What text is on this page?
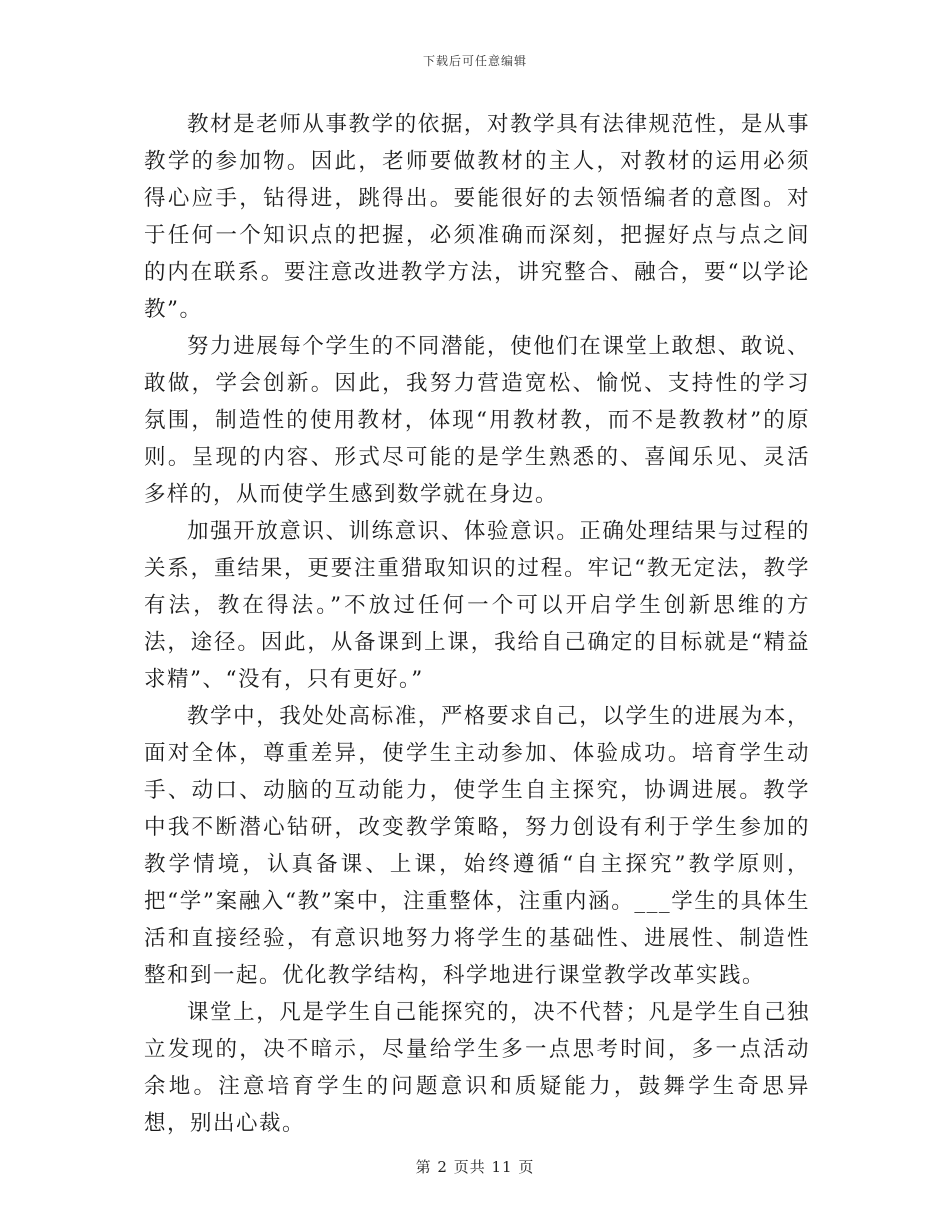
下载后可任意编辑

教材是老师从事教学的依据，对教学具有法律规范性，是从事教学的参加物。因此，老师要做教材的主人，对教材的运用必须得心应手，钻得进，跳得出。要能很好的去领悟编者的意图。对于任何一个知识点的把握，必须准确而深刻，把握好点与点之间的内在联系。要注意改进教学方法，讲究整合、融合，要“以学论教”。

努力进展每个学生的不同潜能，使他们在课堂上敢想、敢说、敢做，学会创新。因此，我努力营造宽松、愉悦、支持性的学习氛围，制造性的使用教材，体现“用教材教，而不是教教材”的原则。呈现的内容、形式尽可能的是学生熟悉的、喜闻乐见、灵活多样的，从而使学生感到数学就在身边。

加强开放意识、训练意识、体验意识。正确处理结果与过程的关系，重结果，更要注重猎取知识的过程。牢记“教无定法，教学有法，教在得法。”不放过任何一个可以开启学生创新思维的方法，途径。因此，从备课到上课，我给自己确定的目标就是“精益求精”、“没有，只有更好。”

教学中，我处处高标准，严格要求自己，以学生的进展为本，面对全体，尊重差异，使学生主动参加、体验成功。培育学生动手、动口、动脑的互动能力，使学生自主探究，协调进展。教学中我不断潜心钻研，改变教学策略，努力创设有利于学生参加的教学情境，认真备课、上课，始终遵循“自主探究”教学原则，把“学”案融入“教”案中，注重整体，注重内涵。___学生的具体生活和直接经验，有意识地努力将学生的基础性、进展性、制造性整和到一起。优化教学结构，科学地进行课堂教学改革实践。

课堂上，凡是学生自己能探究的，决不代替；凡是学生自己独立发现的，决不暗示，尽量给学生多一点思考时间，多一点活动余地。注意培育学生的问题意识和质疑能力，鼓舞学生奇思异想，别出心裁。

第 2 页共 11 页
